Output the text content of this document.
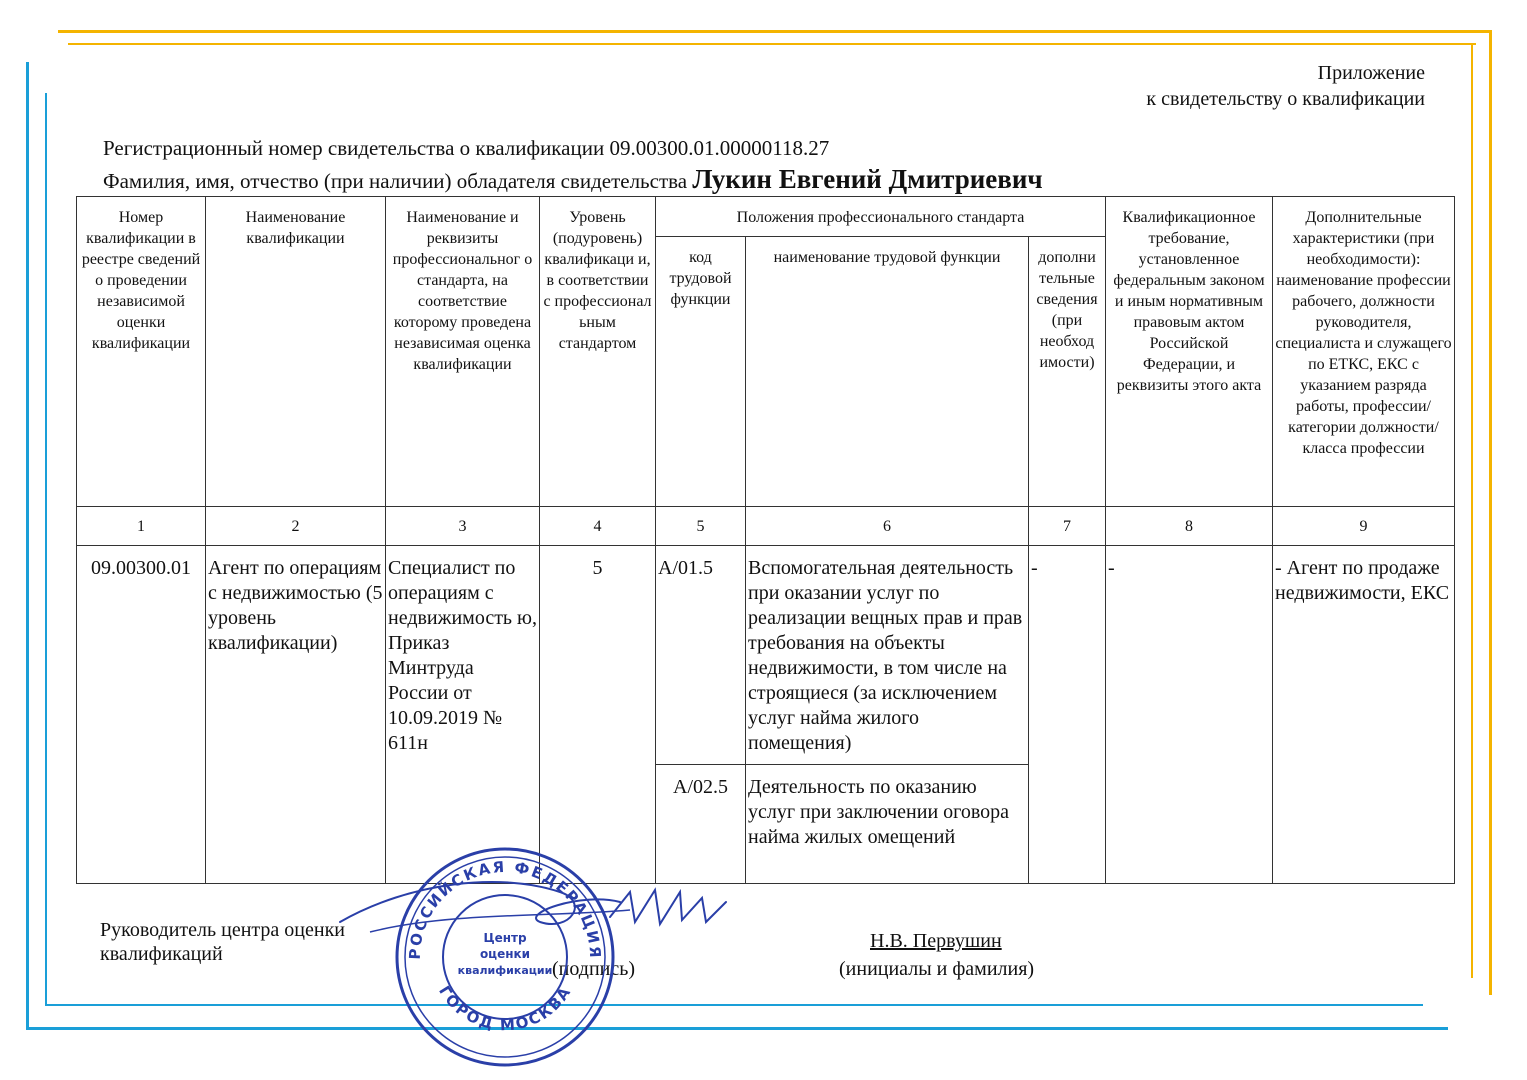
Приложение
к свидетельству о квалификации
Регистрационный номер свидетельства о квалификации 09.00300.01.00000118.27
Фамилия, имя, отчество (при наличии) обладателя свидетельства Лукин Евгений Дмитриевич
Номер квалификации в реестре сведений о проведении независимой оценки квалификации	Наименование квалификации	Наименование и реквизиты профессиональног о стандарта, на соответствие которому проведена независимая оценка квалификации	Уровень (подуровень) квалификаци и, в соответствии с профессионал ьным стандартом	Положения профессионального стандарта			Квалификационное требование, установленное федеральным законом и иным нормативным правовым актом Российской Федерации, и реквизиты этого акта	Дополнительные характеристики (при необходимости): наименование профессии рабочего, должности руководителя, специалиста и служащего по ЕТКС, ЕКС с указанием разряда работы, профессии/категории должности/класса профессии
				код трудовой функции	наименование трудовой функции	дополни тельные сведения (при необход имости)		
1	2	3	4	5	6	7	8	9
09.00300.01	Агент по операциям с недвижимостью (5 уровень квалификации)	Специалист по операциям с недвижимость ю, Приказ Минтруда России от 10.09.2019 № 611н	5	А/01.5	Вспомогательная деятельность при оказании услуг по реализации вещных прав и прав требования на объекты недвижимости, в том числе на строящиеся (за исключением услуг найма жилого помещения)	-	-	- Агент по продаже недвижимости, ЕКС
				А/02.5	Деятельность по оказанию услуг при заключении оговора найма жилых омещений			
Руководитель центра оценки квалификаций
(подпись)
Н.В. Первушин
(инициалы и фамилия)
РОССИЙСКАЯ ФЕДЕРАЦИЯ
ГОРОД МОСКВА
Центр
оценки
квалификации
